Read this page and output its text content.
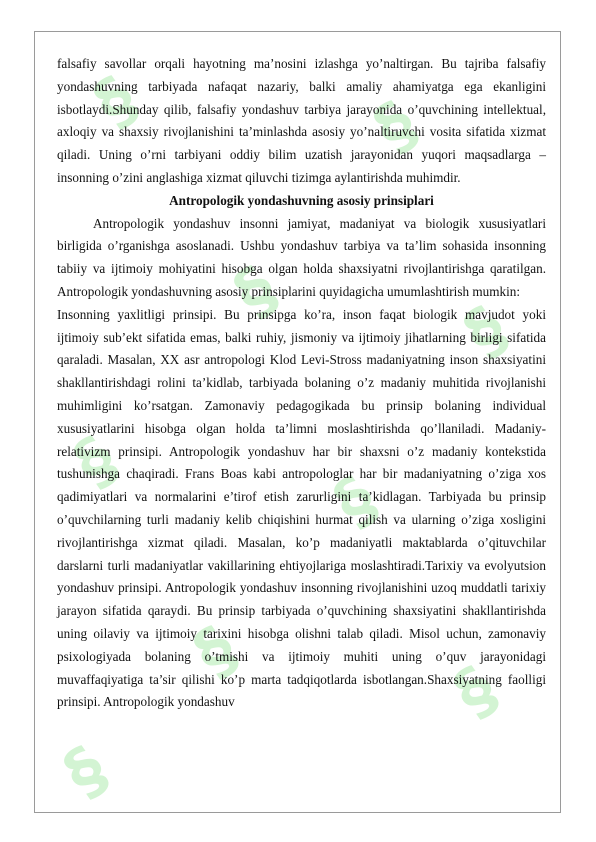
§	§
§
§
§
§
§
§
§

falsafiy savollar orqali hayotning ma’nosini izlashga yo’naltirgan. Bu tajriba falsafiy yondashuvning tarbiyada nafaqat nazariy, balki amaliy ahamiyatga ega ekanligini isbotlaydi.Shunday qilib, falsafiy yondashuv tarbiya jarayonida o’quvchining intellektual, axloqiy va shaxsiy rivojlanishini ta’minlashda asosiy yo’naltiruvchi vosita sifatida xizmat qiladi. Uning o’rni tarbiyani oddiy bilim uzatish jarayonidan yuqori maqsadlarga – insonning o’zini anglashiga xizmat qiluvchi tizimga aylantirishda muhimdir.

Antropologik yondashuvning asosiy prinsiplari

Antropologik yondashuv insonni jamiyat, madaniyat va biologik xususiyatlari birligida o’rganishga asoslanadi. Ushbu yondashuv tarbiya va ta’lim sohasida insonning tabiiy va ijtimoiy mohiyatini hisobga olgan holda shaxsiyatni rivojlantirishga qaratilgan. Antropologik yondashuvning asosiy prinsiplarini quyidagicha umumlashtirish mumkin:

Insonning yaxlitligi prinsipi. Bu prinsipga ko’ra, inson faqat biologik mavjudot yoki ijtimoiy sub’ekt sifatida emas, balki ruhiy, jismoniy va ijtimoiy jihatlarning birligi sifatida qaraladi. Masalan, XX asr antropologi Klod Levi-Stross madaniyatning inson shaxsiyatini shakllantirishdagi rolini ta’kidlab, tarbiyada bolaning o’z madaniy muhitida rivojlanishi muhimligini ko’rsatgan. Zamonaviy pedagogikada bu prinsip bolaning individual xususiyatlarini hisobga olgan holda ta’limni moslashtirishda qo’llaniladi. Madaniy-relativizm prinsipi. Antropologik yondashuv har bir shaxsni o’z madaniy kontekstida tushunishga chaqiradi. Frans Boas kabi antropologlar har bir madaniyatning o’ziga xos qadimiyatlari va normalarini e’tirof etish zarurligini ta’kidlagan. Tarbiyada bu prinsip o’quvchilarning turli madaniy kelib chiqishini hurmat qilish va ularning o’ziga xosligini rivojlantirishga xizmat qiladi. Masalan, ko’p madaniyatli maktablarda o’qituvchilar darslarni turli madaniyatlar vakillarining ehtiyojlariga moslashtiradi.Tarixiy va evolyutsion yondashuv prinsipi. Antropologik yondashuv insonning rivojlanishini uzoq muddatli tarixiy jarayon sifatida qaraydi. Bu prinsip tarbiyada o’quvchining shaxsiyatini shakllantirishda uning oilaviy va ijtimoiy tarixini hisobga olishni talab qiladi. Misol uchun, zamonaviy psixologiyada bolaning o’tmishi va ijtimoiy muhiti uning o’quv jarayonidagi muvaffaqiyatiga ta’sir qilishi ko’p marta tadqiqotlarda isbotlangan.Shaxsiyatning faolligi prinsipi. Antropologik yondashuv
